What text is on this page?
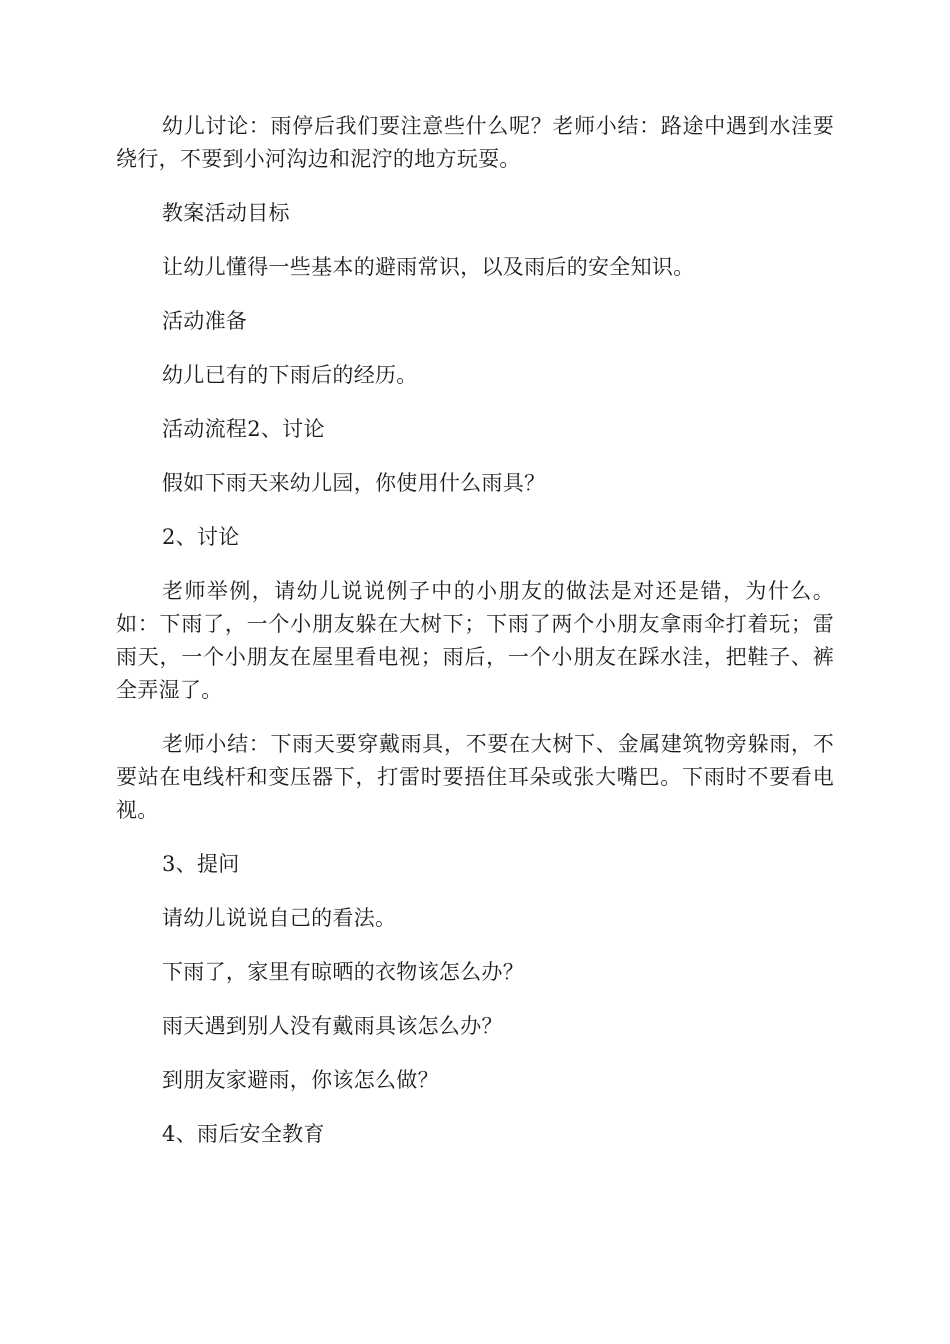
幼儿讨论：雨停后我们要注意些什么呢？老师小结：路途中遇到水洼要绕行，不要到小河沟边和泥泞的地方玩耍。

教案活动目标

让幼儿懂得一些基本的避雨常识，以及雨后的安全知识。

活动准备

幼儿已有的下雨后的经历。

活动流程2、讨论

假如下雨天来幼儿园，你使用什么雨具？

2、讨论

老师举例，请幼儿说说例子中的小朋友的做法是对还是错，为什么。如：下雨了，一个小朋友躲在大树下；下雨了两个小朋友拿雨伞打着玩；雷雨天，一个小朋友在屋里看电视；雨后，一个小朋友在踩水洼，把鞋子、裤全弄湿了。

老师小结：下雨天要穿戴雨具，不要在大树下、金属建筑物旁躲雨，不要站在电线杆和变压器下，打雷时要捂住耳朵或张大嘴巴。下雨时不要看电视。

3、提问

请幼儿说说自己的看法。

下雨了，家里有晾晒的衣物该怎么办？

雨天遇到别人没有戴雨具该怎么办？

到朋友家避雨，你该怎么做？

4、雨后安全教育
